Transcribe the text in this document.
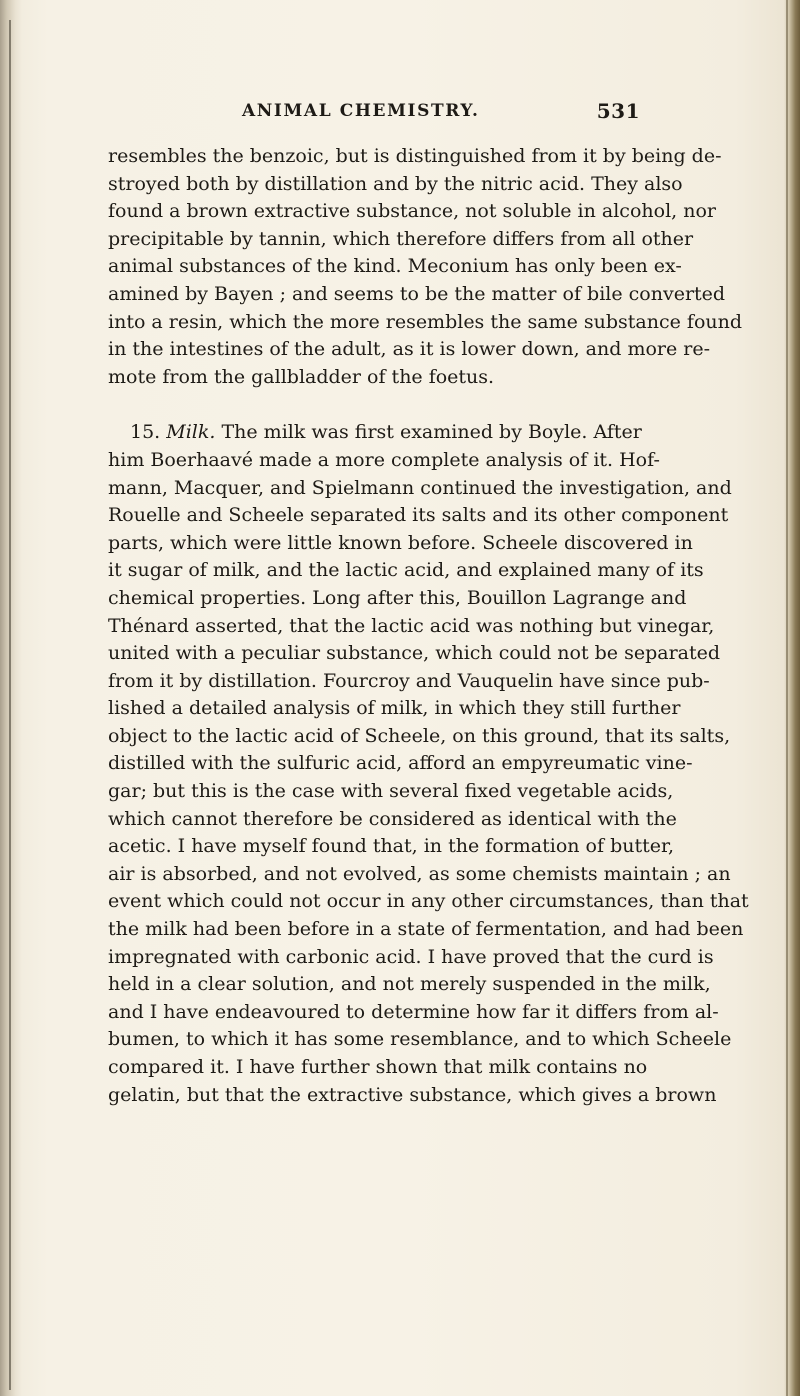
ANIMAL CHEMISTRY.	531
resembles the benzoic, but is distinguished from it by being de-
stroyed both by distillation and by the nitric acid. They also
found a brown extractive substance, not soluble in alcohol, nor
precipitable by tannin, which therefore differs from all other
animal substances of the kind. Meconium has only been ex-
amined by Bayen ; and seems to be the matter of bile converted
into a resin, which the more resembles the same substance found
in the intestines of the adult, as it is lower down, and more re-
mote from the gallbladder of the foetus.
15. Milk. The milk was first examined by Boyle. After
him Boerhaavé made a more complete analysis of it. Hof-
mann, Macquer, and Spielmann continued the investigation, and
Rouelle and Scheele separated its salts and its other component
parts, which were little known before. Scheele discovered in
it sugar of milk, and the lactic acid, and explained many of its
chemical properties. Long after this, Bouillon Lagrange and
Thénard asserted, that the lactic acid was nothing but vinegar,
united with a peculiar substance, which could not be separated
from it by distillation. Fourcroy and Vauquelin have since pub-
lished a detailed analysis of milk, in which they still further
object to the lactic acid of Scheele, on this ground, that its salts,
distilled with the sulfuric acid, afford an empyreumatic vine-
gar; but this is the case with several fixed vegetable acids,
which cannot therefore be considered as identical with the
acetic. I have myself found that, in the formation of butter,
air is absorbed, and not evolved, as some chemists maintain ; an
event which could not occur in any other circumstances, than that
the milk had been before in a state of fermentation, and had been
impregnated with carbonic acid. I have proved that the curd is
held in a clear solution, and not merely suspended in the milk,
and I have endeavoured to determine how far it differs from al-
bumen, to which it has some resemblance, and to which Scheele
compared it. I have further shown that milk contains no
gelatin, but that the extractive substance, which gives a brown
